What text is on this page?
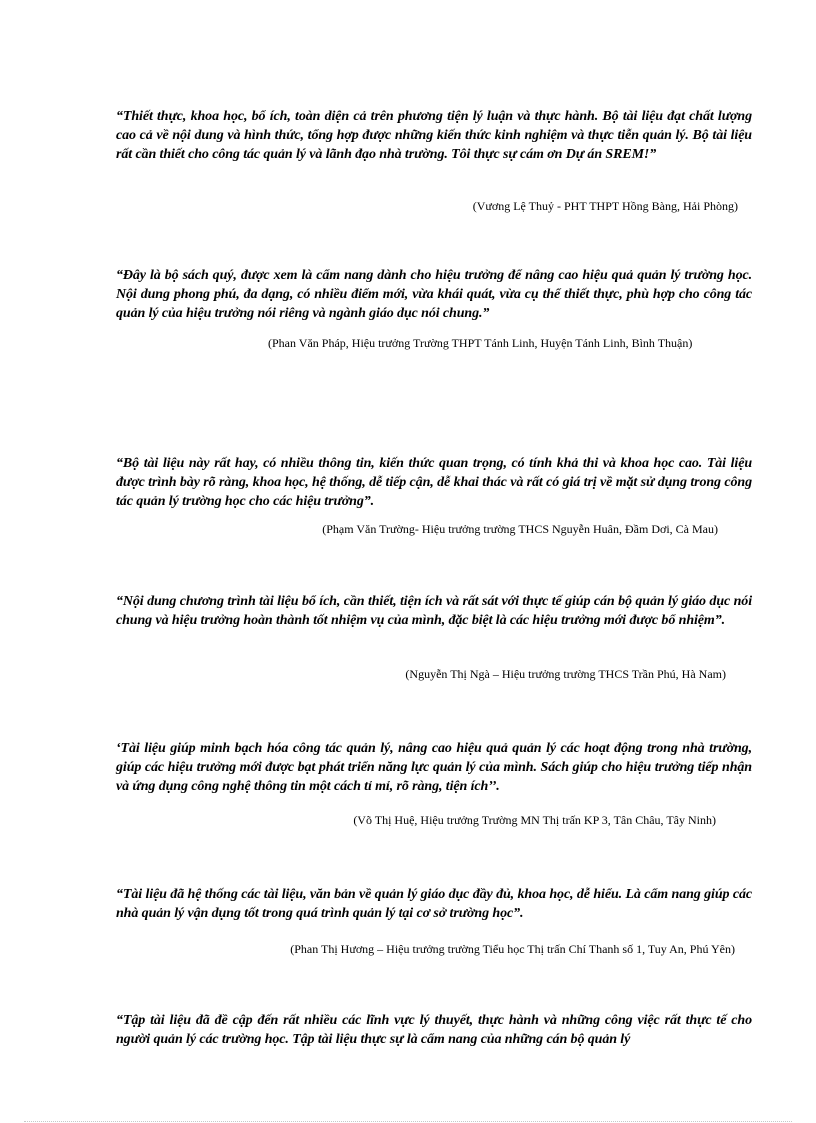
“Thiết thực, khoa học, bổ ích, toàn diện cả trên phương tiện lý luận và thực hành. Bộ tài liệu đạt chất lượng cao cả về nội dung và hình thức, tổng hợp được những kiến thức kinh nghiệm và thực tiễn quản lý. Bộ tài liệu rất cần thiết cho công tác quản lý và lãnh đạo nhà trường. Tôi thực sự cám ơn Dự án SREM!”
(Vương Lệ Thuỷ - PHT THPT Hồng Bàng, Hải Phòng)
“Đây là bộ sách quý, được xem là cẩm nang dành cho hiệu trưởng để nâng cao hiệu quả quản lý trường học. Nội dung phong phú, đa dạng, có nhiều điểm mới, vừa khái quát, vừa cụ thể thiết thực, phù hợp cho công tác quản lý của hiệu trưởng nói riêng và ngành giáo dục nói chung.”
(Phan Văn Pháp, Hiệu trưởng Trường THPT Tánh Linh, Huyện Tánh Linh, Bình Thuận)
“Bộ tài liệu này rất hay, có nhiều thông tin, kiến thức quan trọng, có tính khả thi và khoa học cao. Tài liệu được trình bày rõ ràng, khoa học, hệ thống, dễ tiếp cận, dễ khai thác và rất có giá trị về mặt sử dụng trong công tác quản lý trường học cho các hiệu trưởng”.
(Phạm Văn Trường- Hiệu trưởng trường THCS Nguyễn Huân, Đầm Dơi, Cà Mau)
“Nội dung chương trình tài liệu bổ ích, cần thiết, tiện ích và rất sát với thực tế giúp cán bộ quản lý giáo dục nói chung và hiệu trưởng hoàn thành tốt nhiệm vụ của mình, đặc biệt là các hiệu trưởng mới được bổ nhiệm”.
(Nguyễn Thị Ngà – Hiệu trưởng trường THCS Trần Phú, Hà Nam)
‘Tài liệu giúp minh bạch hóa công tác quản lý, nâng cao hiệu quả quản lý các hoạt động trong nhà trường, giúp các hiệu trưởng mới được bạt phát triển năng lực quản lý của mình. Sách giúp cho hiệu trưởng tiếp nhận và ứng dụng công nghệ thông tin một cách tỉ mỉ, rõ ràng, tiện ích’’.
(Võ Thị Huệ, Hiệu trưởng Trường MN Thị trấn KP 3, Tân Châu, Tây Ninh)
“Tài liệu đã hệ thống các tài liệu, văn bản về quản lý giáo dục đầy đủ, khoa học, dễ hiểu. Là cẩm nang giúp các nhà quản lý vận dụng tốt trong quá trình quản lý tại cơ sở trường học”.
(Phan Thị Hương – Hiệu trưởng trường Tiểu học Thị trấn Chí Thanh số 1, Tuy An, Phú Yên)
“Tập tài liệu đã đề cập đến rất nhiều các lĩnh vực lý thuyết, thực hành và những công việc rất thực tế cho người quản lý các trường học. Tập tài liệu thực sự là cẩm nang của những cán bộ quản lý
